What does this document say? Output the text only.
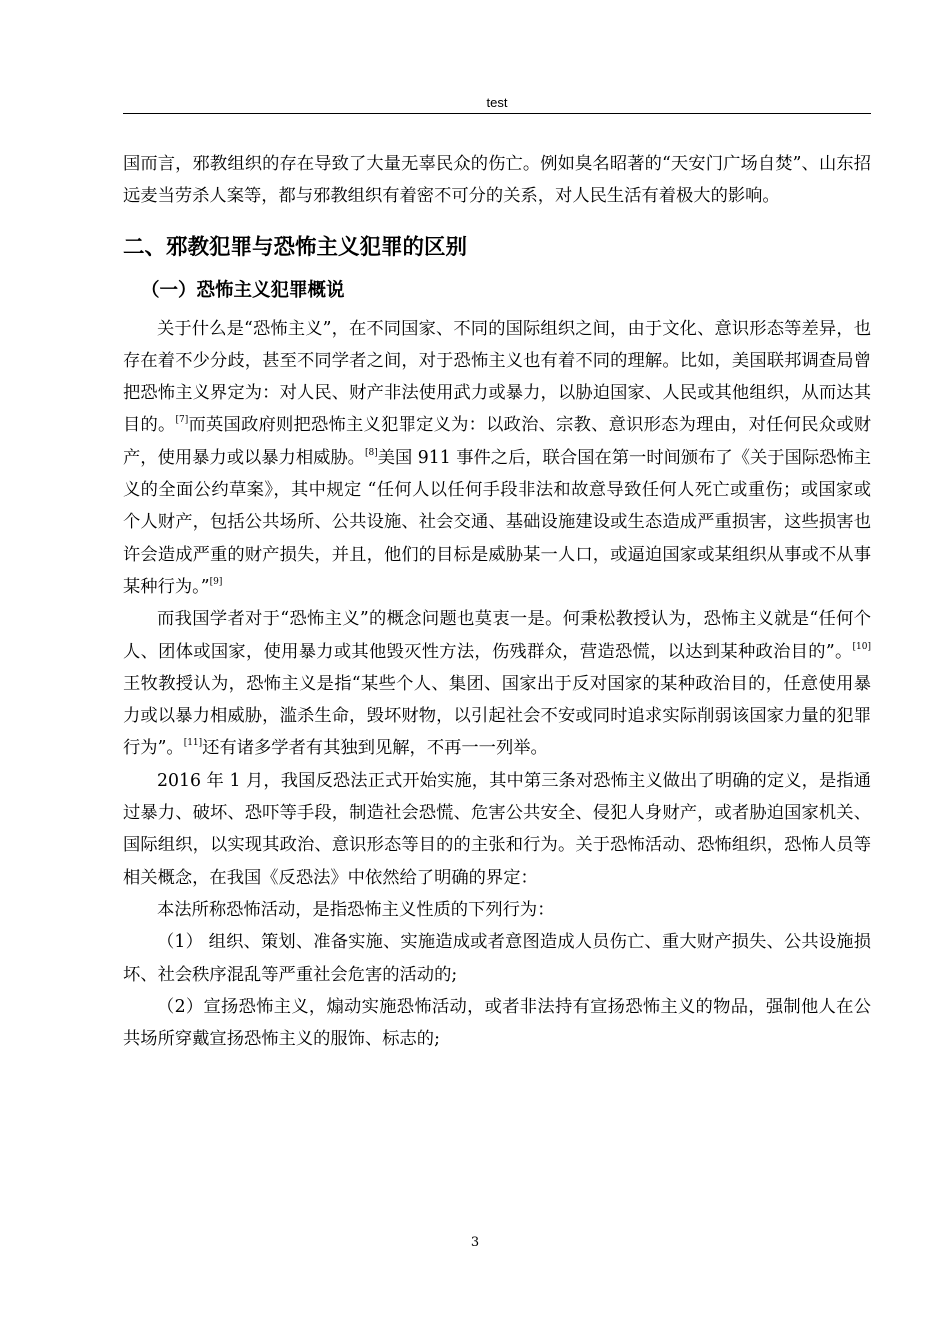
test

国而言，邪教组织的存在导致了大量无辜民众的伤亡。例如臭名昭著的“天安门广场自焚”、山东招远麦当劳杀人案等，都与邪教组织有着密不可分的关系，对人民生活有着极大的影响。

二、邪教犯罪与恐怖主义犯罪的区别
（一）恐怖主义犯罪概说

关于什么是“恐怖主义”，在不同国家、不同的国际组织之间，由于文化、意识形态等差异，也存在着不少分歧，甚至不同学者之间，对于恐怖主义也有着不同的理解。比如，美国联邦调查局曾把恐怖主义界定为：对人民、财产非法使用武力或暴力，以胁迫国家、人民或其他组织，从而达其目的。[7]而英国政府则把恐怖主义犯罪定义为：以政治、宗教、意识形态为理由，对任何民众或财产，使用暴力或以暴力相威胁。[8]美国 911 事件之后，联合国在第一时间颁布了《关于国际恐怖主义的全面公约草案》，其中规定 “任何人以任何手段非法和故意导致任何人死亡或重伤；或国家或个人财产，包括公共场所、公共设施、社会交通、基础设施建设或生态造成严重损害，这些损害也许会造成严重的财产损失，并且，他们的目标是威胁某一人口，或逼迫国家或某组织从事或不从事某种行为。”[9]

而我国学者对于“恐怖主义”的概念问题也莫衷一是。何秉松教授认为，恐怖主义就是“任何个人、团体或国家，使用暴力或其他毁灭性方法，伤残群众，营造恐慌，以达到某种政治目的”。[10]王牧教授认为，恐怖主义是指“某些个人、集团、国家出于反对国家的某种政治目的，任意使用暴力或以暴力相威胁，滥杀生命，毁坏财物，以引起社会不安或同时追求实际削弱该国家力量的犯罪行为”。[11]还有诸多学者有其独到见解，不再一一列举。

2016 年 1 月，我国反恐法正式开始实施，其中第三条对恐怖主义做出了明确的定义，是指通过暴力、破坏、恐吓等手段，制造社会恐慌、危害公共安全、侵犯人身财产，或者胁迫国家机关、国际组织，以实现其政治、意识形态等目的的主张和行为。关于恐怖活动、恐怖组织，恐怖人员等相关概念，在我国《反恐法》中依然给了明确的界定：

本法所称恐怖活动，是指恐怖主义性质的下列行为：

（1） 组织、策划、准备实施、实施造成或者意图造成人员伤亡、重大财产损失、公共设施损坏、社会秩序混乱等严重社会危害的活动的;

（2）宣扬恐怖主义，煽动实施恐怖活动，或者非法持有宣扬恐怖主义的物品，强制他人在公共场所穿戴宣扬恐怖主义的服饰、标志的;

3
